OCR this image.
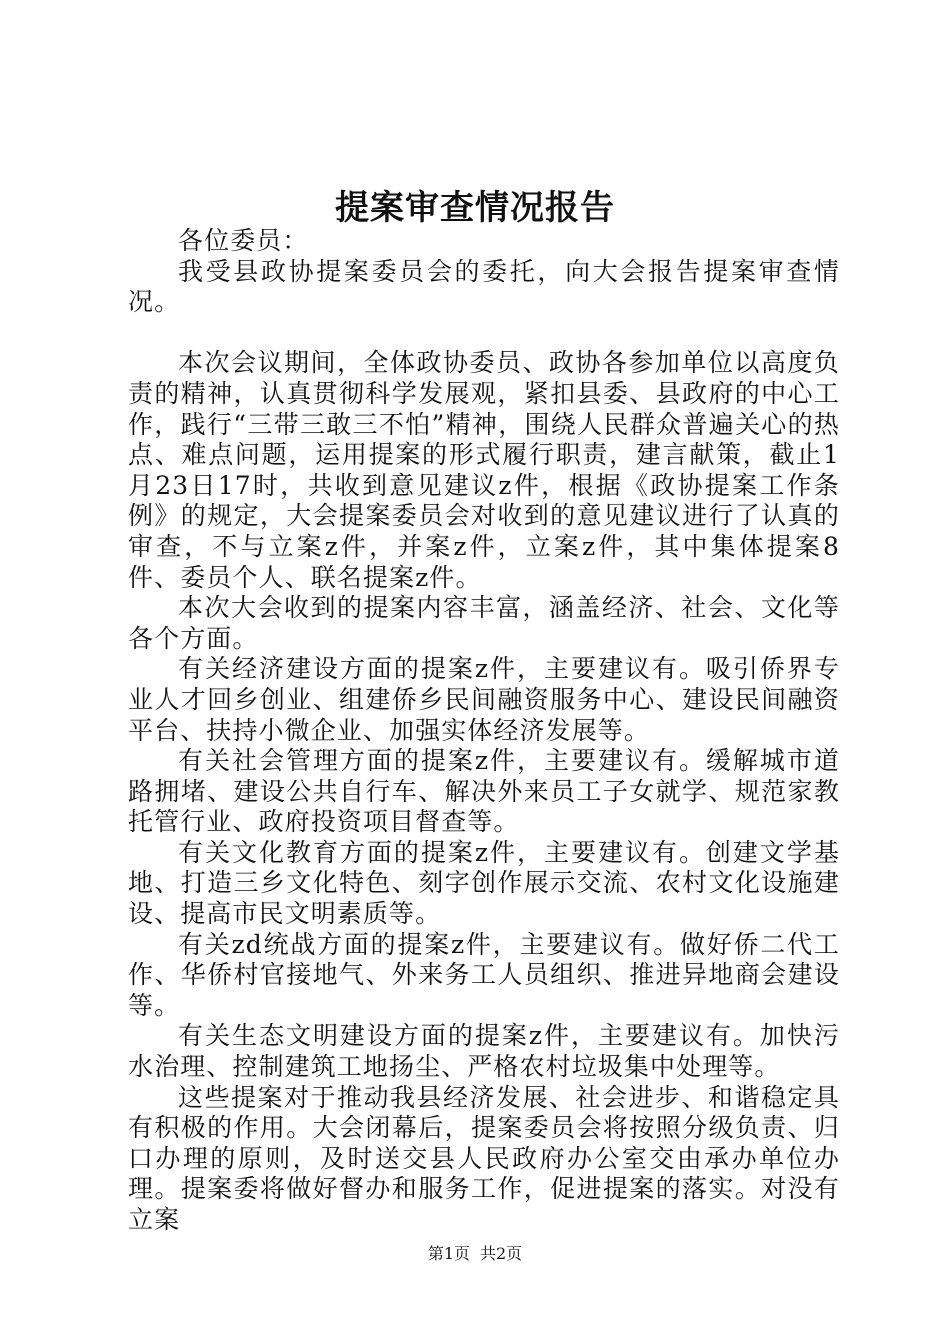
提案审查情况报告

各位委员：

我受县政协提案委员会的委托，向大会报告提案审查情况。

本次会议期间，全体政协委员、政协各参加单位以高度负责的精神，认真贯彻科学发展观，紧扣县委、县政府的中心工作，践行“三带三敢三不怕”精神，围绕人民群众普遍关心的热点、难点问题，运用提案的形式履行职责，建言献策，截止1月23日17时，共收到意见建议z件，根据《政协提案工作条例》的规定，大会提案委员会对收到的意见建议进行了认真的审查，不与立案z件，并案z件，立案z件，其中集体提案8件、委员个人、联名提案z件。

本次大会收到的提案内容丰富，涵盖经济、社会、文化等各个方面。

有关经济建设方面的提案z件，主要建议有。吸引侨界专业人才回乡创业、组建侨乡民间融资服务中心、建设民间融资平台、扶持小微企业、加强实体经济发展等。

有关社会管理方面的提案z件，主要建议有。缓解城市道路拥堵、建设公共自行车、解决外来员工子女就学、规范家教托管行业、政府投资项目督查等。

有关文化教育方面的提案z件，主要建议有。创建文学基地、打造三乡文化特色、刻字创作展示交流、农村文化设施建设、提高市民文明素质等。

有关zd统战方面的提案z件，主要建议有。做好侨二代工作、华侨村官接地气、外来务工人员组织、推进异地商会建设等。

有关生态文明建设方面的提案z件，主要建议有。加快污水治理、控制建筑工地扬尘、严格农村垃圾集中处理等。

这些提案对于推动我县经济发展、社会进步、和谐稳定具有积极的作用。大会闭幕后，提案委员会将按照分级负责、归口办理的原则，及时送交县人民政府办公室交由承办单位办理。提案委将做好督办和服务工作，促进提案的落实。对没有立案

第1页 共2页
